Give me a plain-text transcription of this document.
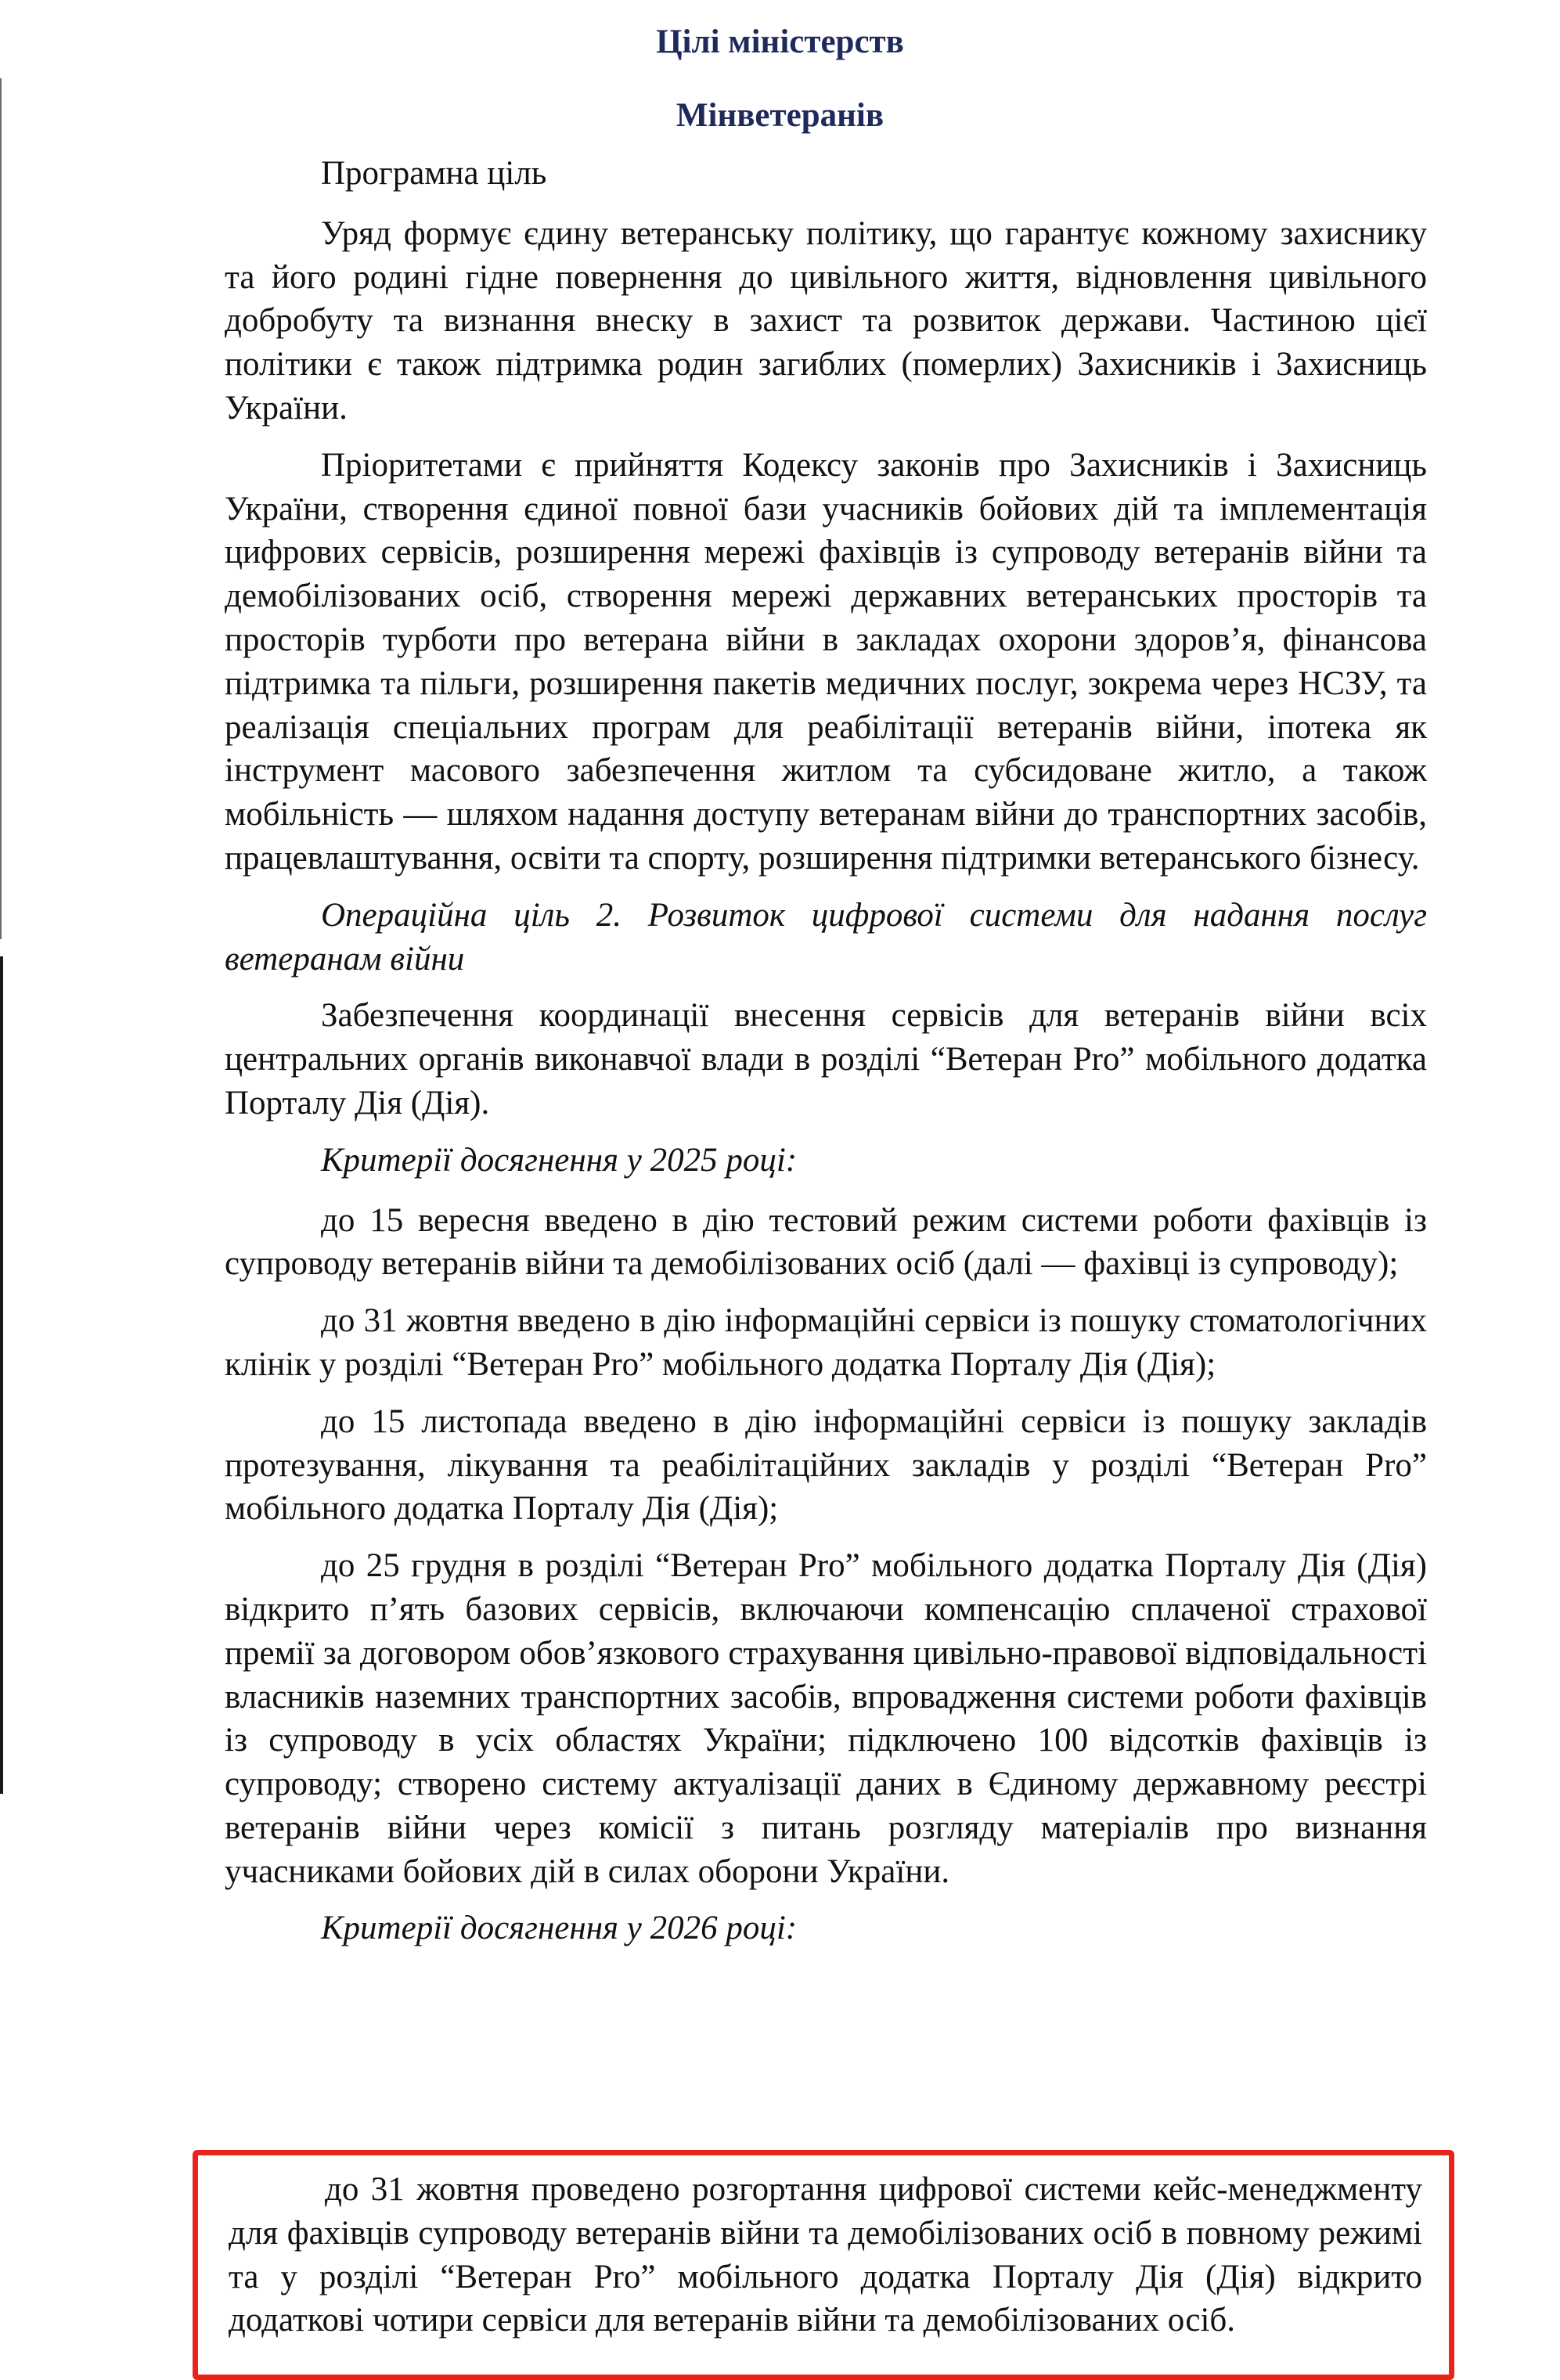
Цілі міністерств
Мінветеранів

Програмна ціль

Уряд формує єдину ветеранську політику, що гарантує кожному захиснику та його родині гідне повернення до цивільного життя, відновлення цивільного добробуту та визнання внеску в захист та розвиток держави. Частиною цієї політики є також підтримка родин загиблих (померлих) Захисників і Захисниць України.

Пріоритетами є прийняття Кодексу законів про Захисників і Захисниць України, створення єдиної повної бази учасників бойових дій та імплементація цифрових сервісів, розширення мережі фахівців із супроводу ветеранів війни та демобілізованих осіб, створення мережі державних ветеранських просторів та просторів турботи про ветерана війни в закладах охорони здоров’я, фінансова підтримка та пільги, розширення пакетів медичних послуг, зокрема через НСЗУ, та реалізація спеціальних програм для реабілітації ветеранів війни, іпотека як інструмент масового забезпечення житлом та субсидоване житло, а також мобільність — шляхом надання доступу ветеранам війни до транспортних засобів, працевлаштування, освіти та спорту, розширення підтримки ветеранського бізнесу.

Операційна ціль 2. Розвиток цифрової системи для надання послуг ветеранам війни

Забезпечення координації внесення сервісів для ветеранів війни всіх центральних органів виконавчої влади в розділі “Ветеран Pro” мобільного додатка Порталу Дія (Дія).

Критерії досягнення у 2025 році:

до 15 вересня введено в дію тестовий режим системи роботи фахівців із супроводу ветеранів війни та демобілізованих осіб (далі — фахівці із супроводу);

до 31 жовтня введено в дію інформаційні сервіси із пошуку стоматологічних клінік у розділі “Ветеран Pro” мобільного додатка Порталу Дія (Дія);

до 15 листопада введено в дію інформаційні сервіси із пошуку закладів протезування, лікування та реабілітаційних закладів у розділі “Ветеран Pro” мобільного додатка Порталу Дія (Дія);

до 25 грудня в розділі “Ветеран Pro” мобільного додатка Порталу Дія (Дія) відкрито п’ять базових сервісів, включаючи компенсацію сплаченої страхової премії за договором обов’язкового страхування цивільно-правової відповідальності власників наземних транспортних засобів, впровадження системи роботи фахівців із супроводу в усіх областях України; підключено 100 відсотків фахівців із супроводу; створено систему актуалізації даних в Єдиному державному реєстрі ветеранів війни через комісії з питань розгляду матеріалів про визнання учасниками бойових дій в силах оборони України.

Критерії досягнення у 2026 році:

до 31 жовтня проведено розгортання цифрової системи кейс-менеджменту для фахівців супроводу ветеранів війни та демобілізованих осіб в повному режимі та у розділі “Ветеран Pro” мобільного додатка Порталу Дія (Дія) відкрито додаткові чотири сервіси для ветеранів війни та демобілізованих осіб.
